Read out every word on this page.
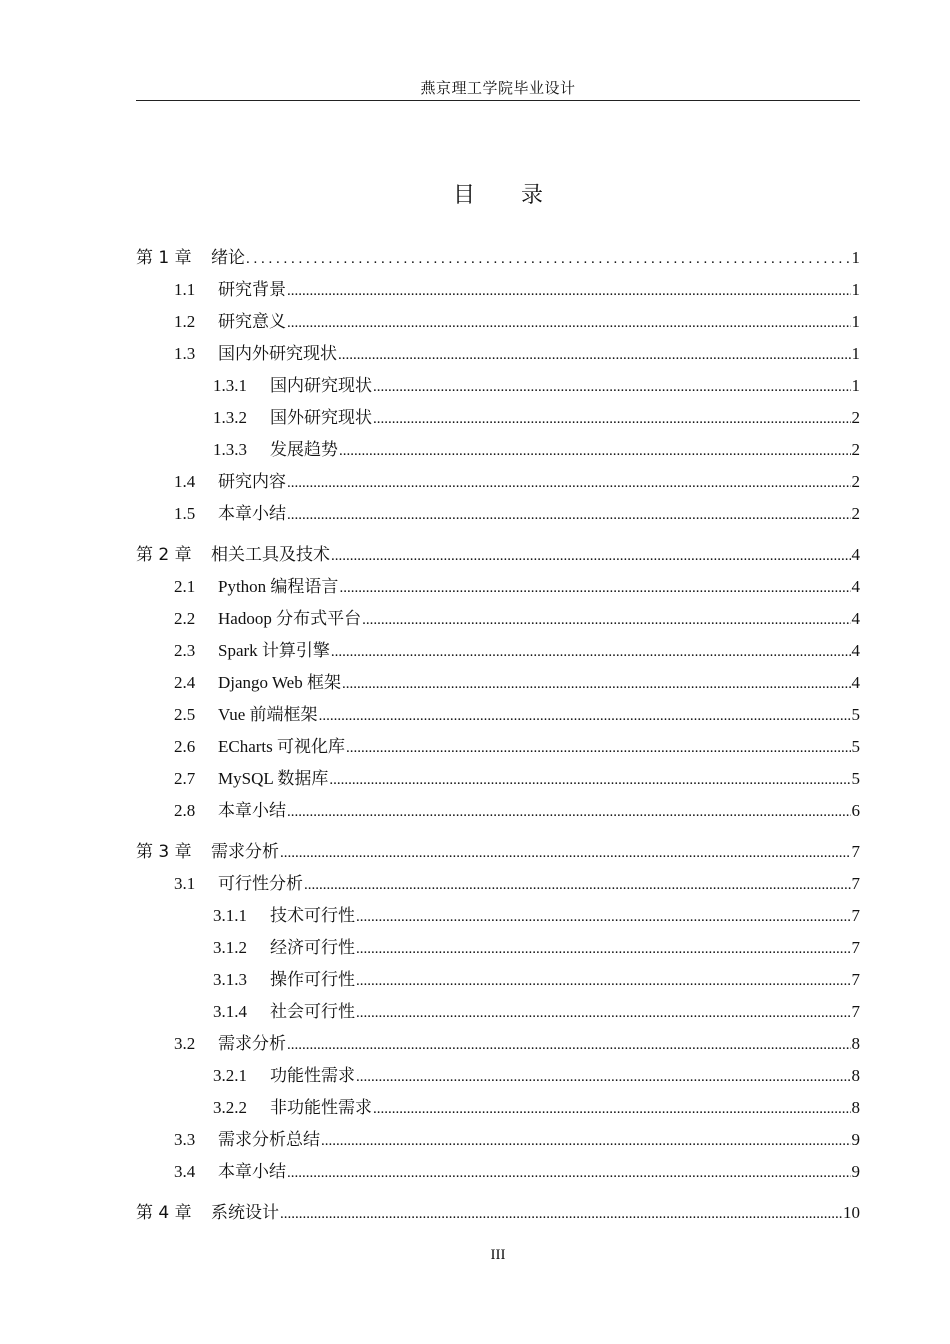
燕京理工学院毕业设计
目 录
第 1 章	绪论 . . .	1
1.1	研究背景 .....	1
1.2	研究意义 .....	1
1.3	国内外研究现状 .....	1
1.3.1	国内研究现状 .....	1
1.3.2	国外研究现状 .....	2
1.3.3	发展趋势 .....	2
1.4	研究内容 .....	2
1.5	本章小结 .....	2
第 2 章	相关工具及技术 .....	4
2.1	Python 编程语言 .....	4
2.2	Hadoop 分布式平台 .....	4
2.3	Spark 计算引擎 .....	4
2.4	Django Web 框架 .....	4
2.5	Vue 前端框架 .....	5
2.6	ECharts 可视化库 .....	5
2.7	MySQL 数据库 .....	5
2.8	本章小结 .....	6
第 3 章	需求分析 .....	7
3.1	可行性分析 .....	7
3.1.1	技术可行性 .....	7
3.1.2	经济可行性 .....	7
3.1.3	操作可行性 .....	7
3.1.4	社会可行性 .....	7
3.2	需求分析 .....	8
3.2.1	功能性需求 .....	8
3.2.2	非功能性需求 .....	8
3.3	需求分析总结 .....	9
3.4	本章小结 .....	9
第 4 章	系统设计 .....	10
III
